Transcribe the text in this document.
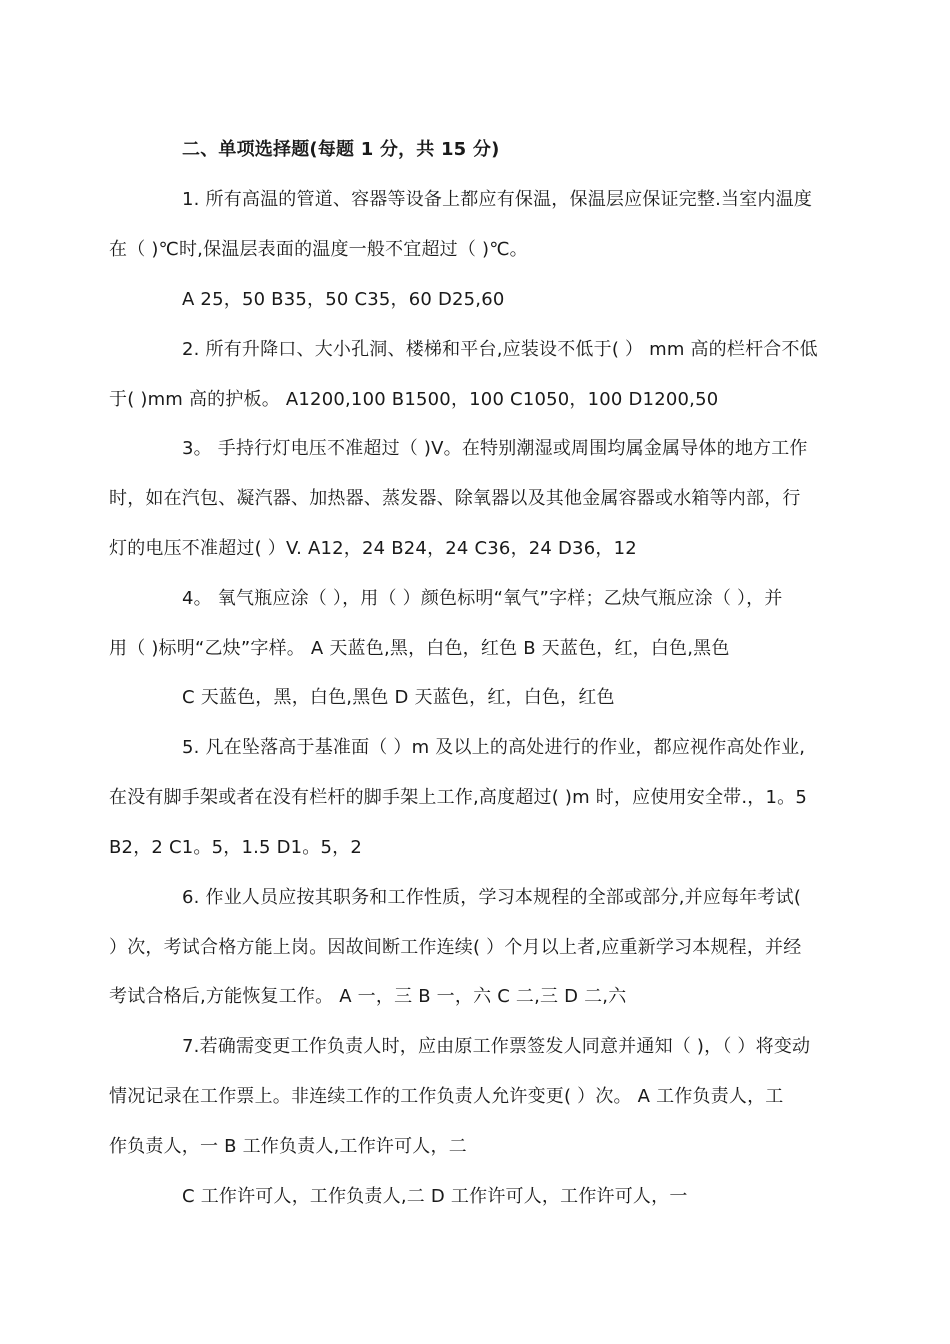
二、单项选择题(每题 1 分，共 15 分)
1. 所有高温的管道、容器等设备上都应有保温，保温层应保证完整.当室内温度
在（ )℃时,保温层表面的温度一般不宜超过（ )℃。
A 25，50 B35，50 C35，60 D25,60
2. 所有升降口、大小孔洞、楼梯和平台,应装设不低于( ） mm 高的栏杆合不低
于( )mm 高的护板。 A1200,100 B1500，100 C1050，100 D1200,50
3。 手持行灯电压不准超过（ )V。在特别潮湿或周围均属金属导体的地方工作
时，如在汽包、凝汽器、加热器、蒸发器、除氧器以及其他金属容器或水箱等内部，行
灯的电压不准超过( ）V. A12，24 B24，24 C36，24 D36，12
4。 氧气瓶应涂（ ），用（ ）颜色标明“氧气”字样；乙炔气瓶应涂（ ），并
用（ )标明“乙炔”字样。 A 天蓝色,黑，白色，红色 B 天蓝色，红，白色,黑色
C 天蓝色，黑，白色,黑色 D 天蓝色，红，白色，红色
5. 凡在坠落高于基准面（ ）m 及以上的高处进行的作业，都应视作高处作业,
在没有脚手架或者在没有栏杆的脚手架上工作,高度超过( )m 时，应使用安全带.，1。5
B2，2 C1。5，1.5 D1。5，2
6. 作业人员应按其职务和工作性质，学习本规程的全部或部分,并应每年考试(
）次，考试合格方能上岗。因故间断工作连续( ）个月以上者,应重新学习本规程，并经
考试合格后,方能恢复工作。 A 一，三 B 一，六 C 二,三 D 二,六
7.若确需变更工作负责人时，应由原工作票签发人同意并通知（ )，（ ）将变动
情况记录在工作票上。非连续工作的工作负责人允许变更( ）次。 A 工作负责人，工
作负责人，一 B 工作负责人,工作许可人，二
C 工作许可人，工作负责人,二 D 工作许可人，工作许可人，一
